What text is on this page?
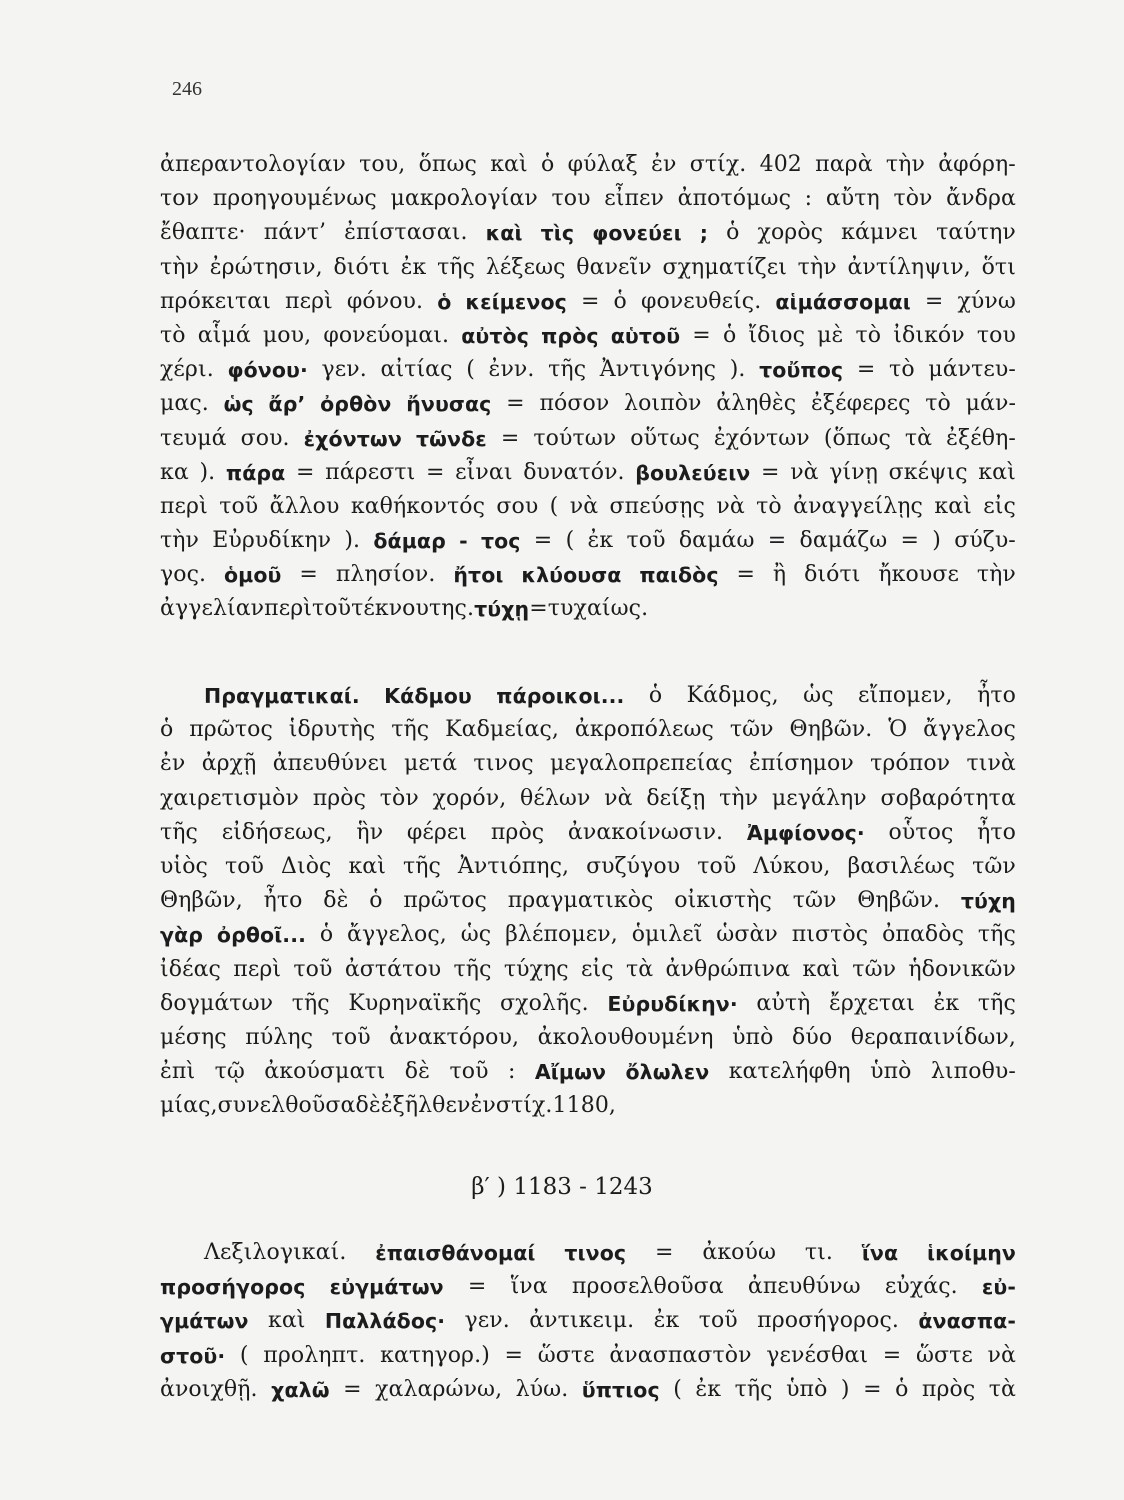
246
ἀπεραντολογίαν του, ὅπως καὶ ὁ φύλαξ ἐν στίχ. 402 παρὰ τὴν ἀφόρη-
τον προηγουμένως μακρολογίαν του εἶπεν ἀποτόμως : αὔτη τὸν ἄνδρα
ἔθαπτε· πάντ’ ἐπίστασαι. καὶ τὶς φονεύει ; ὁ χορὸς κάμνει ταύτην
τὴν ἐρώτησιν, διότι ἐκ τῆς λέξεως θανεῖν σχηματίζει τὴν ἀντίληψιν, ὅτι
πρόκειται περὶ φόνου. ὁ κείμενος = ὁ φονευθείς. αἱμάσσομαι = χύνω
τὸ αἷμά μου, φονεύομαι. αὐτὸς πρὸς αὑτοῦ = ὁ ἴδιος μὲ τὸ ἰδικόν του
χέρι. φόνου· γεν. αἰτίας ( ἐνν. τῆς Ἀντιγόνης ). τοὔπος = τὸ μάντευ-
μας. ὡς ἄρ’ ὀρθὸν ἤνυσας = πόσον λοιπὸν ἀληθὲς ἐξέφερες τὸ μάν-
τευμά σου. ἐχόντων τῶνδε = τούτων οὕτως ἐχόντων (ὅπως τὰ ἐξέθη-
κα ). πάρα = πάρεστι = εἶναι δυνατόν. βουλεύειν = νὰ γίνῃ σκέψις καὶ
περὶ τοῦ ἄλλου καθήκοντός σου ( νὰ σπεύσῃς νὰ τὸ ἀναγγείλῃς καὶ εἰς
τὴν Εὐρυδίκην ). δάμαρ - τος = ( ἐκ τοῦ δαμάω = δαμάζω = ) σύζυ-
γος. ὁμοῦ = πλησίον. ἤτοι κλύουσα παιδὸς = ἢ διότι ἤκουσε τὴν
ἀγγελίαν περὶ τοῦ τέκνου της. τύχῃ = τυχαίως.
Πραγματικαί. Κάδμου πάροικοι... ὁ Κάδμος, ὡς εἴπομεν, ἦτο
ὁ πρῶτος ἱδρυτὴς τῆς Καδμείας, ἀκροπόλεως τῶν Θηβῶν. Ὁ ἄγγελος
ἐν ἀρχῇ ἀπευθύνει μετά τινος μεγαλοπρεπείας ἐπίσημον τρόπον τινὰ
χαιρετισμὸν πρὸς τὸν χορόν, θέλων νὰ δείξῃ τὴν μεγάλην σοβαρότητα
τῆς εἰδήσεως, ἣν φέρει πρὸς ἀνακοίνωσιν. Ἀμφίονος· οὗτος ἦτο
υἱὸς τοῦ Διὸς καὶ τῆς Ἀντιόπης, συζύγου τοῦ Λύκου, βασιλέως τῶν
Θηβῶν, ἦτο δὲ ὁ πρῶτος πραγματικὸς οἰκιστὴς τῶν Θηβῶν. τύχη
γὰρ ὀρθοῖ... ὁ ἄγγελος, ὡς βλέπομεν, ὁμιλεῖ ὡσὰν πιστὸς ὀπαδὸς τῆς
ἰδέας περὶ τοῦ ἀστάτου τῆς τύχης εἰς τὰ ἀνθρώπινα καὶ τῶν ἡδονικῶν
δογμάτων τῆς Κυρηναϊκῆς σχολῆς. Εὐρυδίκην· αὐτὴ ἔρχεται ἐκ τῆς
μέσης πύλης τοῦ ἀνακτόρου, ἀκολουθουμένη ὑπὸ δύο θεραπαινίδων,
ἐπὶ τῷ ἀκούσματι δὲ τοῦ : Αἴμων ὄλωλεν κατελήφθη ὑπὸ λιποθυ-
μίας, συνελθοῦσα δὲ ἐξῆλθεν ἐν στίχ. 1180,
β′ ) 1183 - 1243
Λεξιλογικαί. ἐπαισθάνομαί τινος = ἀκούω τι. ἵνα ἱκοίμην
προσήγορος εὐγμάτων = ἵνα προσελθοῦσα ἀπευθύνω εὐχάς. εὐ-
γμάτων καὶ Παλλάδος· γεν. ἀντικειμ. ἐκ τοῦ προσήγορος. ἀνασπα-
στοῦ· ( προληπτ. κατηγορ.) = ὥστε ἀνασπαστὸν γενέσθαι = ὥστε νὰ
ἀνοιχθῇ. χαλῶ = χαλαρώνω, λύω. ὕπτιος ( ἐκ τῆς ὑπὸ ) = ὁ πρὸς τὰ
